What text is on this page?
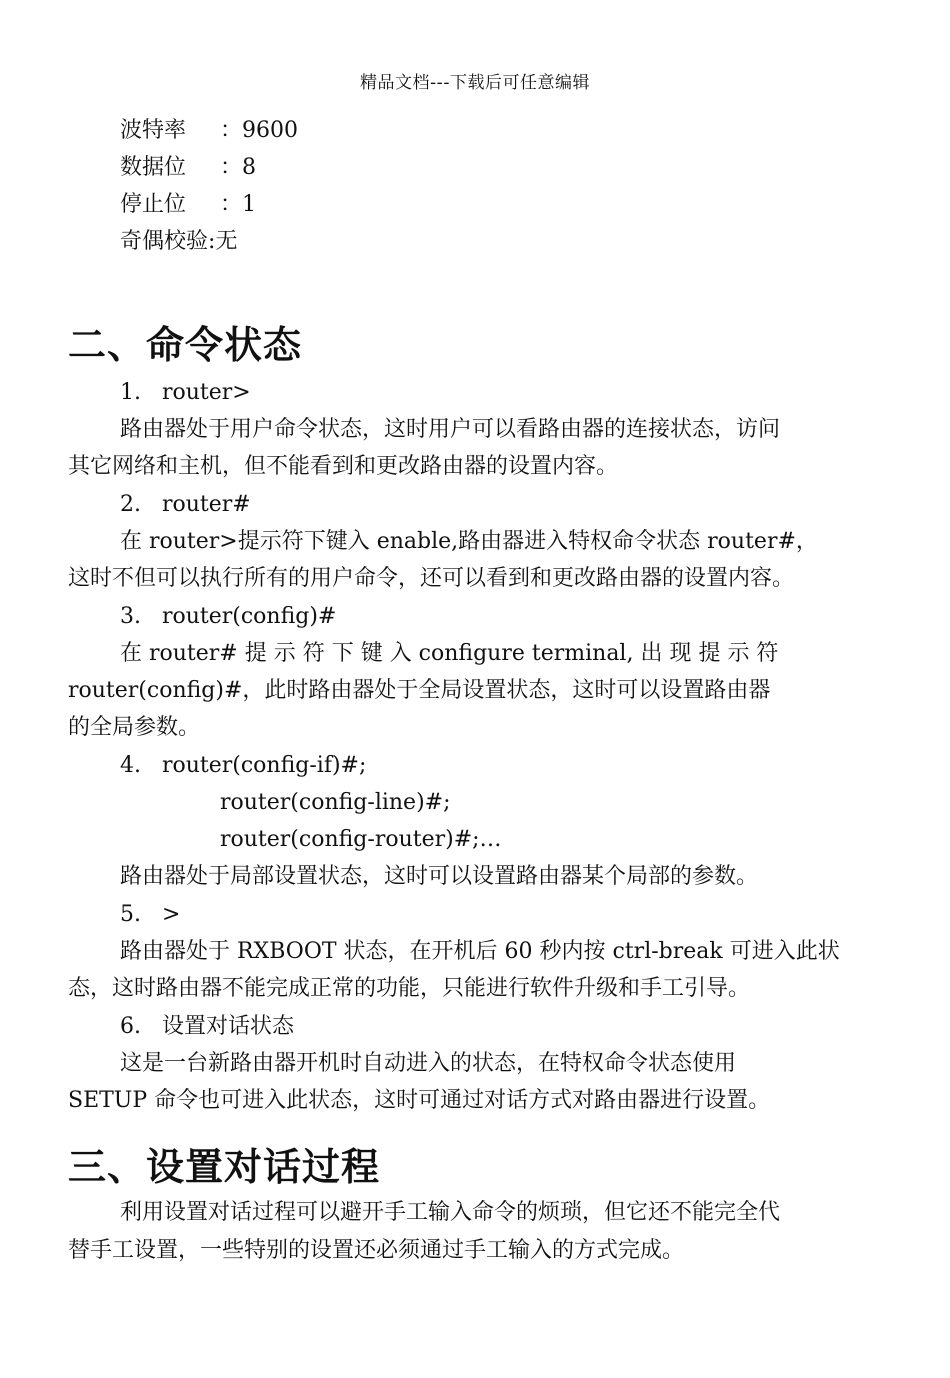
精品文档---下载后可任意编辑
波特率 ：9600
数据位 ：8
停止位 ：1
奇偶校验:无
二、命令状态
1.   router>
路由器处于用户命令状态，这时用户可以看路由器的连接状态，访问
其它网络和主机，但不能看到和更改路由器的设置内容。
2.   router#
在 router>提示符下键入 enable,路由器进入特权命令状态 router#，
这时不但可以执行所有的用户命令，还可以看到和更改路由器的设置内容。
3.   router(config)#
在 router# 提 示 符 下 键 入 configure terminal, 出 现 提 示 符
router(config)#，此时路由器处于全局设置状态，这时可以设置路由器
的全局参数。
4.   router(config-if)#;
router(config-line)#;
router(config-router)#;…
路由器处于局部设置状态，这时可以设置路由器某个局部的参数。
5.   >
路由器处于 RXBOOT 状态，在开机后 60 秒内按 ctrl-break 可进入此状
态，这时路由器不能完成正常的功能，只能进行软件升级和手工引导。
6.   设置对话状态
这是一台新路由器开机时自动进入的状态，在特权命令状态使用
SETUP 命令也可进入此状态，这时可通过对话方式对路由器进行设置。
三、设置对话过程
利用设置对话过程可以避开手工输入命令的烦琐，但它还不能完全代
替手工设置，一些特别的设置还必须通过手工输入的方式完成。
